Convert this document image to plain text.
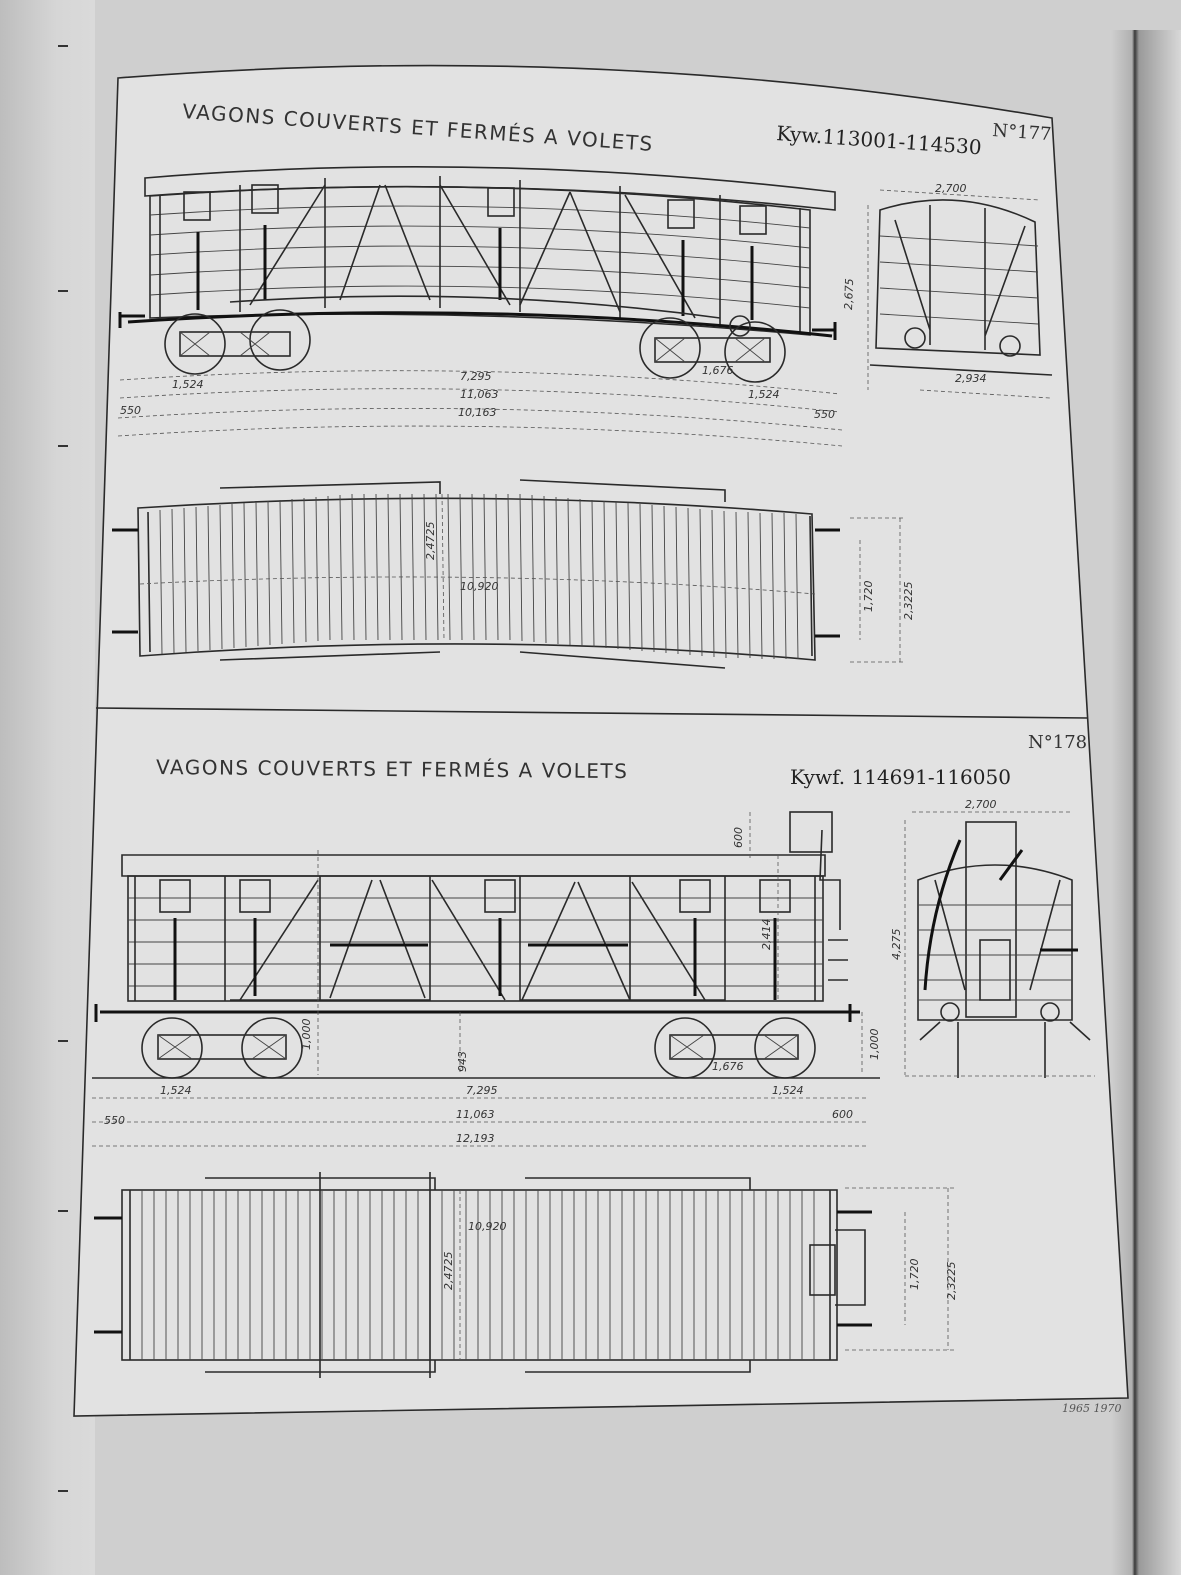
VAGONS COUVERTS ET FERMÉS A VOLETS	Kyw.113001-114530 N°177
1,524
7,295
1,524
11,063
550	550
10,163
1,676
2,700
2,675
2,934
10,920
2,4725
1,720 2,3225
N°178
VAGONS COUVERTS ET FERMÉS A VOLETS	Kywf. 114691-116050
1,524	7,295	1,524
11,063
550	600
12,193
1,676
600
2,414
1,000
943
1,000
2,700
4,275
10,920
2,4725	1,720 2,3225
1965 1970
